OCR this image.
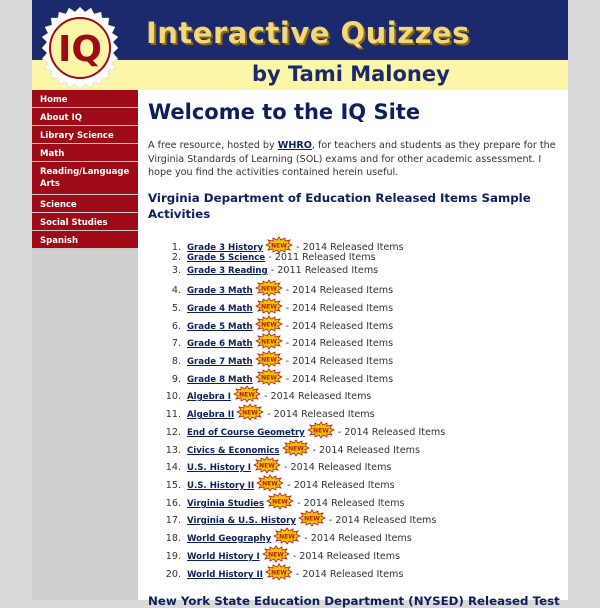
IQ Interactive Quizzes
by Tami Maloney
Home
About IQ
Library Science
Math
Reading/Language Arts
Science
Social Studies
Spanish
Welcome to the IQ Site

A free resource, hosted by WHRO, for teachers and students as they prepare for the Virginia Standards of Learning (SOL) exams and for other academic assessment. I hope you find the activities contained herein useful.

Virginia Department of Education Released Items Sample Activities
1. Grade 3 History NEW - 2014 Released Items
2. Grade 5 Science - 2011 Released Items
3. Grade 3 Reading - 2011 Released Items
4. Grade 3 Math NEW - 2014 Released Items
5. Grade 4 Math NEW - 2014 Released Items
6. Grade 5 Math NEW - 2014 Released Items
7. Grade 6 Math NEW - 2014 Released Items
8. Grade 7 Math NEW - 2014 Released Items
9. Grade 8 Math NEW - 2014 Released Items
10. Algebra I NEW - 2014 Released Items
11. Algebra II NEW - 2014 Released Items
12. End of Course Geometry NEW - 2014 Released Items
13. Civics & Economics NEW - 2014 Released Items
14. U.S. History I NEW - 2014 Released Items
15. U.S. History II NEW - 2014 Released Items
16. Virginia Studies NEW - 2014 Released Items
17. Virginia & U.S. History NEW - 2014 Released Items
18. World Geography NEW - 2014 Released Items
19. World History I NEW - 2014 Released Items
20. World History II NEW - 2014 Released Items
New York State Education Department (NYSED) Released Test
